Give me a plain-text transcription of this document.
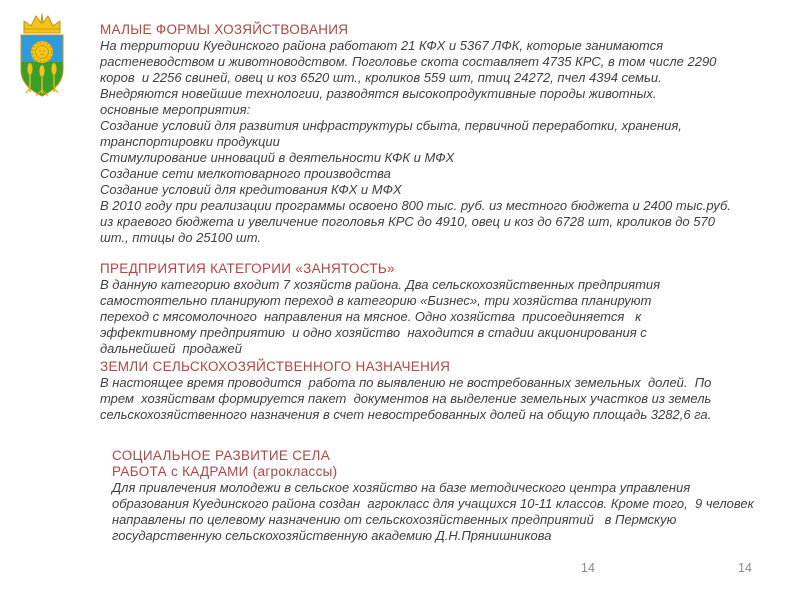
МАЛЫЕ ФОРМЫ ХОЗЯЙСТВОВАНИЯ
На территории Куединского района работают 21 КФХ и 5367 ЛФК, которые занимаются
растеневодством и животноводством. Поголовье скота составляет 4735 КРС, в том числе 2290
коров  и 2256 свиней, овец и коз 6520 шт., кроликов 559 шт, птиц 24272, пчел 4394 семьи.
Внедряются новейшие технологии, разводятся высокопродуктивные породы животных.
основные мероприятия:
Создание условий для развития инфраструктуры сбыта, первичной переработки, хранения,
транспортировки продукции
Стимулирование инноваций в деятельности КФК и МФХ
Создание сети мелкотоварного производства
Создание условий для кредитования КФХ и МФХ
В 2010 году при реализации программы освоено 800 тыс. руб. из местного бюджета и 2400 тыс.руб.
из краевого бюджета и увеличение поголовья КРС до 4910, овец и коз до 6728 шт, кроликов до 570
шт., птицы до 25100 шт.
ПРЕДПРИЯТИЯ КАТЕГОРИИ «ЗАНЯТОСТЬ»
В данную категорию входит 7 хозяйств района. Два сельскохозяйственных предприятия
самостоятельно планируют переход в категорию «Бизнес», три хозяйства планируют
переход с мясомолочного  направления на мясное. Одно хозяйства  присоединяется   к
эффективному предприятию  и одно хозяйство  находится в стадии акционирования с
дальнейшей  продажей
ЗЕМЛИ СЕЛЬСКОХОЗЯЙСТВЕННОГО НАЗНАЧЕНИЯ
В настоящее время проводится  работа по выявлению не востребованных земельных  долей.  По
трем  хозяйствам формируется пакет  документов на выделение земельных участков из земель
сельскохозяйственного назначения в счет невостребованных долей на общую площадь 3282,6 га.
СОЦИАЛЬНОЕ РАЗВИТИЕ СЕЛА
РАБОТА с КАДРАМИ (агроклассы)
Для привлечения молодежи в сельское хозяйство на базе методического центра управления
образования Куединского района создан  агрокласс для учащихся 10-11 классов. Кроме того,  9 человек
направлены по целевому назначению от сельскохозяйственных предприятий   в Пермскую
государственную сельскохозяйственную академию Д.Н.Прянишникова
14	14
